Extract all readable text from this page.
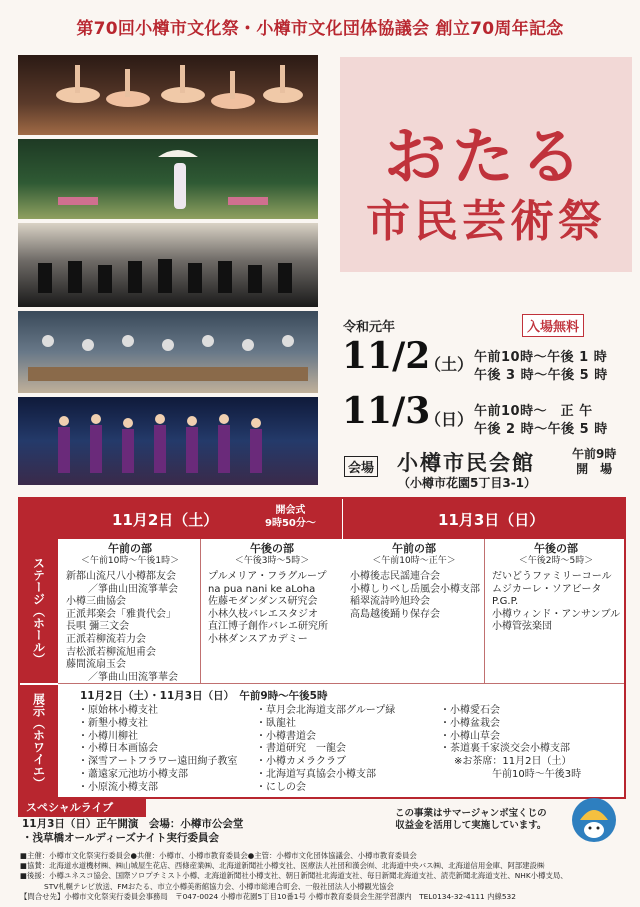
第70回小樽市文化祭・小樽市文化団体協議会 創立70周年記念
おたる
市民芸術祭
令和元年	入場無料
11/2
（土） 午前10時〜午後 1 時
午後 3 時〜午後 5 時
11/3
（日） 午前10時〜　正 午
午後 2 時〜午後 5 時
会場 小樽市民会館
（小樽市花園5丁目3-1）
午前9時
開　場
11月2日（土）
開会式
9時50分〜	11月3日（日）
ステージ（ホール）
展示（ホワイエ）
午前の部
＜午前10時〜午後1時＞
午後の部
＜午後3時〜5時＞
午前の部
＜午前10時〜正午＞
午後の部
＜午後2時〜5時＞
新都山流尺八小樽都友会
／箏曲山田流箏華会
小樽三曲協会
正派邦楽会「雅貴代会」
長唄 彌三文会
正派若柳流若力会
吉松派若柳流旭甫会
藤間流扇玉会
／箏曲山田流箏華会
プルメリア・フラグループ
na pua nani ke aLoha
佐藤モダンダンス研究会
小林久枝バレエスタジオ
直江博子創作バレエ研究所
小林ダンスアカデミー
小樽後志民謡連合会
小樽しりべし岳風会小樽支部
稲翠流詩吟旭玲会
高島越後踊り保存会
だいどうファミリーコール
ムジカーレ・ソアビータ
P.G.P.
小樽ウィンド・アンサンブル
小樽管弦楽団
11月2日（土）・11月3日（日）　午前9時〜午後5時
・原始林小樽支社
・新墾小樽支社
・小樽川柳社
・小樽日本画協会
・深雪アートフラワー遠田絢子教室
・蕭遠家元池坊小樽支部
・小原流小樽支部
・草月会北海道支部グループ緑
・臥龍社
・小樽書道会
・書道研究　一龍会
・小樽カメラクラブ
・北海道写真協会小樽支部
・にしの会
・小樽愛石会
・小樽盆栽会
・小樽山草会
・茶道裏千家淡交会小樽支部
※お茶席：11月2日（土）
午前10時〜午後3時
スペシャルライブ
11月3日（日）正午開演　会場：小樽市公会堂
・浅草橋オールディーズナイト実行委員会
この事業はサマージャンボ宝くじの
収益金を活用して実施しています。
■主催：小樽市文化祭実行委員会●共催：小樽市、小樽市教育委員会●主管：小樽市文化団体協議会、小樽市教育委員会
■協賛：北海道水道機材㈱、㈱山城屋生花店、西條産業㈱、北海道新聞社小樽支社、医療法人社団和漢会㈲、北海道中央バス㈱、北海道信用金庫、阿部建設㈱
■後援：小樽ユネスコ協会、国際ソロプチミスト小樽、北海道新聞社小樽支社、朝日新聞社北海道支社、毎日新聞北海道支社、読売新聞北海道支社、NHK小樽支局、
STV札幌テレビ放送、FMおたる、市立小樽美術館協力会、小樽市総連合町会、一般社団法人小樽観光協会
【問合せ先】小樽市文化祭実行委員会事務局　〒047-0024 小樽市花園5丁目10番1号 小樽市教育委員会生涯学習課内　TEL0134-32-4111 内線532
